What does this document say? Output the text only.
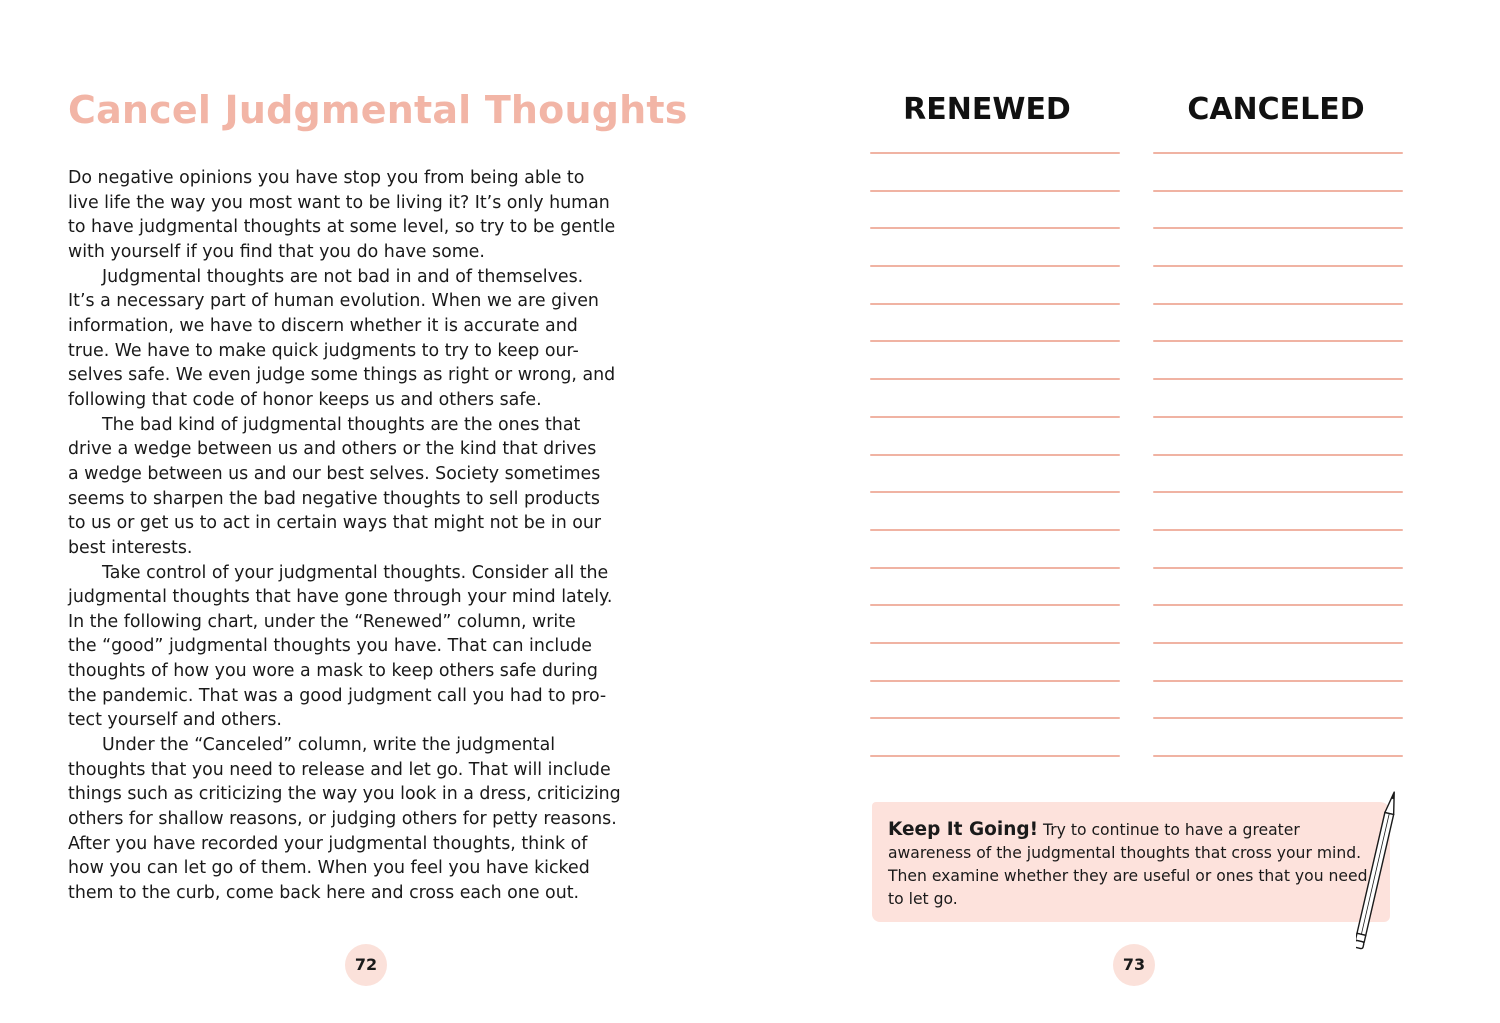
Cancel Judgmental Thoughts
Do negative opinions you have stop you from being able to
live life the way you most want to be living it? It’s only human
to have judgmental thoughts at some level, so try to be gentle
with yourself if you find that you do have some.
Judgmental thoughts are not bad in and of themselves.
It’s a necessary part of human evolution. When we are given
information, we have to discern whether it is accurate and
true. We have to make quick judgments to try to keep our-
selves safe. We even judge some things as right or wrong, and
following that code of honor keeps us and others safe.
The bad kind of judgmental thoughts are the ones that
drive a wedge between us and others or the kind that drives
a wedge between us and our best selves. Society sometimes
seems to sharpen the bad negative thoughts to sell products
to us or get us to act in certain ways that might not be in our
best interests.
Take control of your judgmental thoughts. Consider all the
judgmental thoughts that have gone through your mind lately.
In the following chart, under the “Renewed” column, write
the “good” judgmental thoughts you have. That can include
thoughts of how you wore a mask to keep others safe during
the pandemic. That was a good judgment call you had to pro-
tect yourself and others.
Under the “Canceled” column, write the judgmental
thoughts that you need to release and let go. That will include
things such as criticizing the way you look in a dress, criticizing
others for shallow reasons, or judging others for petty reasons.
After you have recorded your judgmental thoughts, think of
how you can let go of them. When you feel you have kicked
them to the curb, come back here and cross each one out.
72
RENEWED	CANCELED
Keep It Going! Try to continue to have a greater
awareness of the judgmental thoughts that cross your mind.
Then examine whether they are useful or ones that you need
to let go.
73
